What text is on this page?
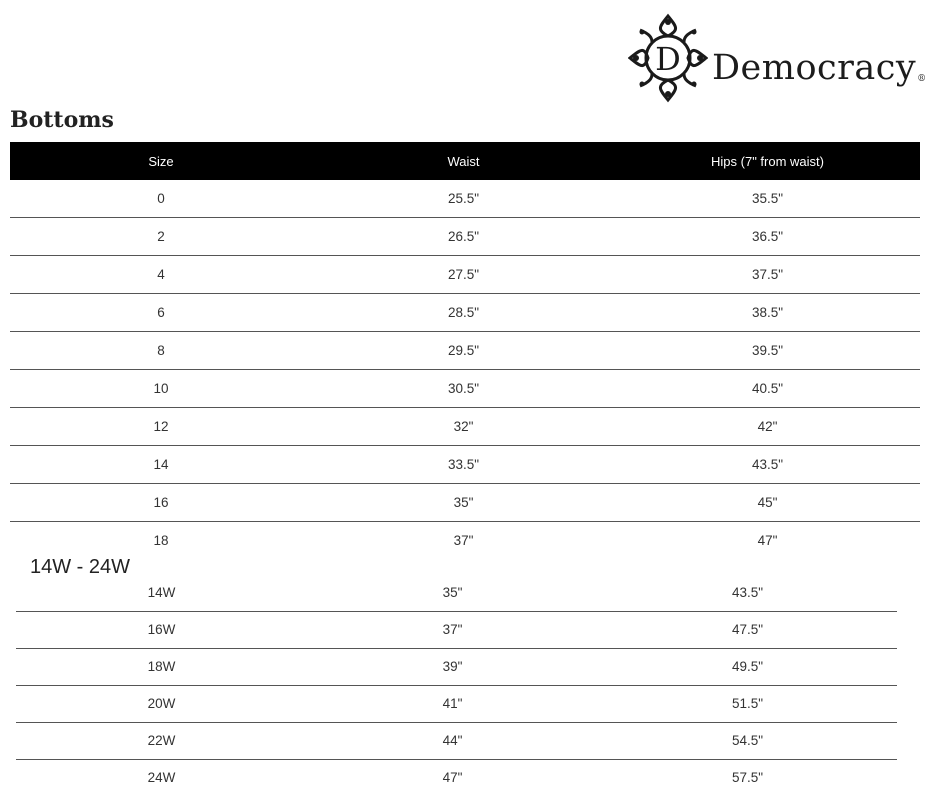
D Democracy®
Bottoms
Size	Waist	Hips (7" from waist)
0	25.5"	35.5"
2	26.5"	36.5"
4	27.5"	37.5"
6	28.5"	38.5"
8	29.5"	39.5"
10	30.5"	40.5"
12	32"	42"
14	33.5"	43.5"
16	35"	45"
18	37"	47"
14W - 24W
14W	35"	43.5"
16W	37"	47.5"
18W	39"	49.5"
20W	41"	51.5"
22W	44"	54.5"
24W	47"	57.5"
